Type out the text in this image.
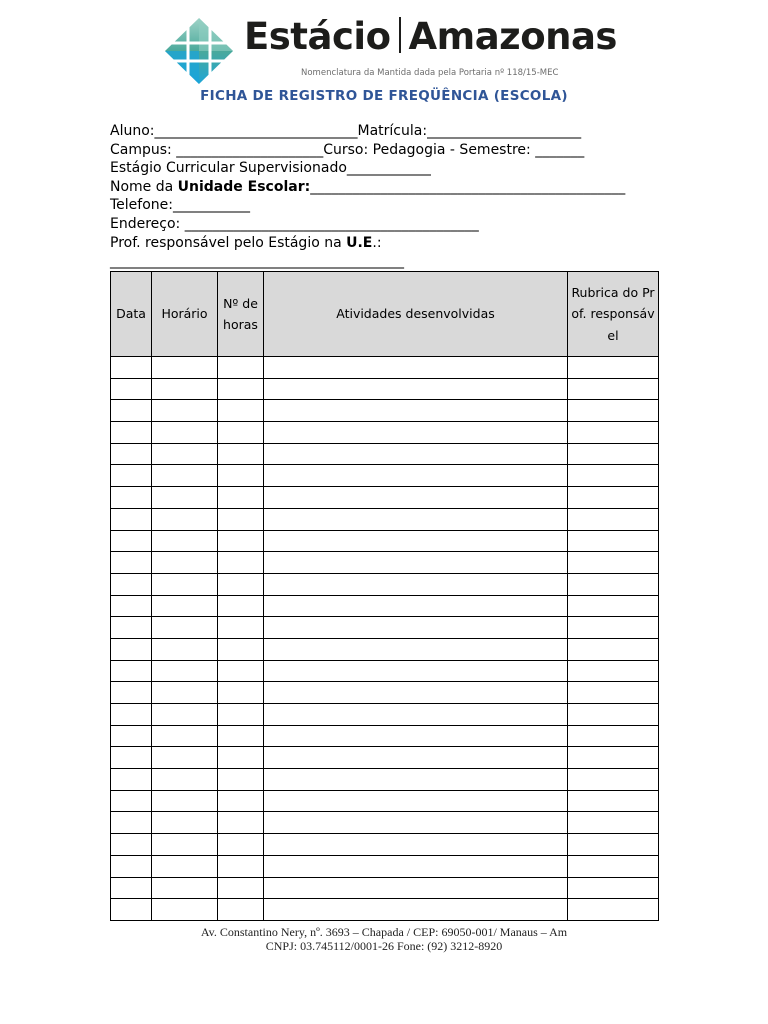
Estácio Amazonas
Nomenclatura da Mantida dada pela Portaria nº 118/15-MEC
FICHA DE REGISTRO DE FREQÜÊNCIA (ESCOLA)
Aluno:_____________________________Matrícula:______________________
Campus: _____________________Curso: Pedagogia - Semestre: _______
Estágio Curricular Supervisionado____________
Nome da Unidade Escolar:_____________________________________________
Telefone:___________
Endereço: __________________________________________
Prof. responsável pelo Estágio na U.E.:
__________________________________________
Data	Horário	Nº de horas	Atividades desenvolvidas	Rubrica do Prof. responsável

Av. Constantino Nery, nº. 3693 – Chapada / CEP: 69050-001/ Manaus – Am
CNPJ: 03.745112/0001-26 Fone: (92) 3212-8920
